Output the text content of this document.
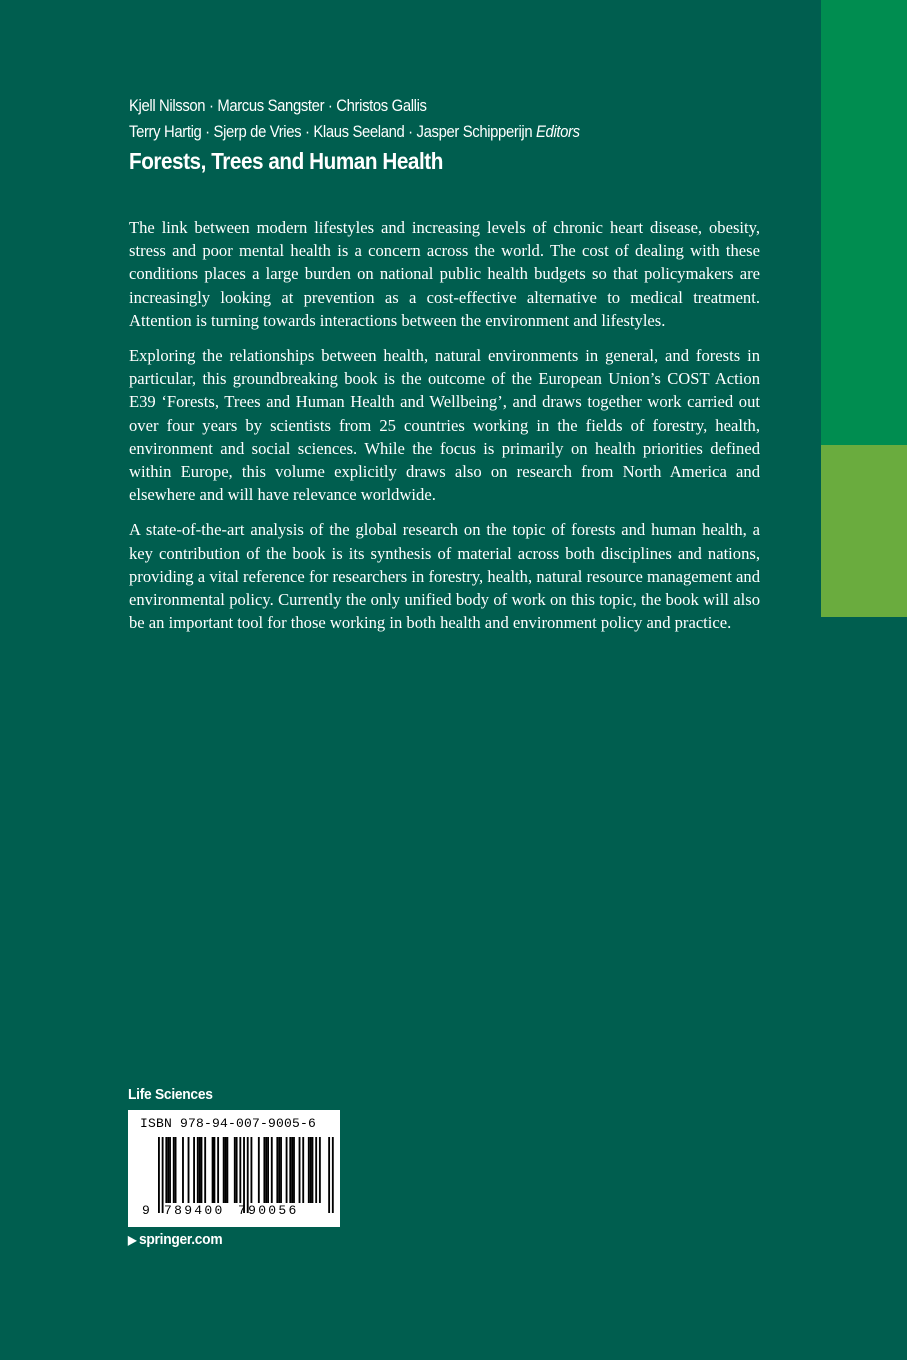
Kjell Nilsson · Marcus Sangster · Christos Gallis
Terry Hartig · Sjerp de Vries · Klaus Seeland · Jasper Schipperijn Editors
Forests, Trees and Human Health

The link between modern lifestyles and increasing levels of chronic heart disease, obesity, stress and poor mental health is a concern across the world. The cost of dealing with these conditions places a large burden on national public health budgets so that policymakers are increasingly looking at prevention as a cost-effective alternative to medical treatment. Attention is turning towards interactions between the environment and lifestyles.

Exploring the relationships between health, natural environments in general, and forests in particular, this groundbreaking book is the outcome of the European Union’s COST Action E39 ‘Forests, Trees and Human Health and Wellbeing’, and draws together work carried out over four years by scientists from 25 countries working in the fields of forestry, health, environment and social sciences. While the focus is primarily on health priorities defined within Europe, this volume explicitly draws also on research from North America and elsewhere and will have relevance worldwide.

A state-of-the-art analysis of the global research on the topic of forests and human health, a key contribution of the book is its synthesis of material across both disciplines and nations, providing a vital reference for researchers in forestry, health, natural resource management and environmental policy. Currently the only unified body of work on this topic, the book will also be an important tool for those working in both health and environment policy and practice.

Life Sciences
ISBN 978-94-007-9005-6
9 789400 790056
▶ springer.com
